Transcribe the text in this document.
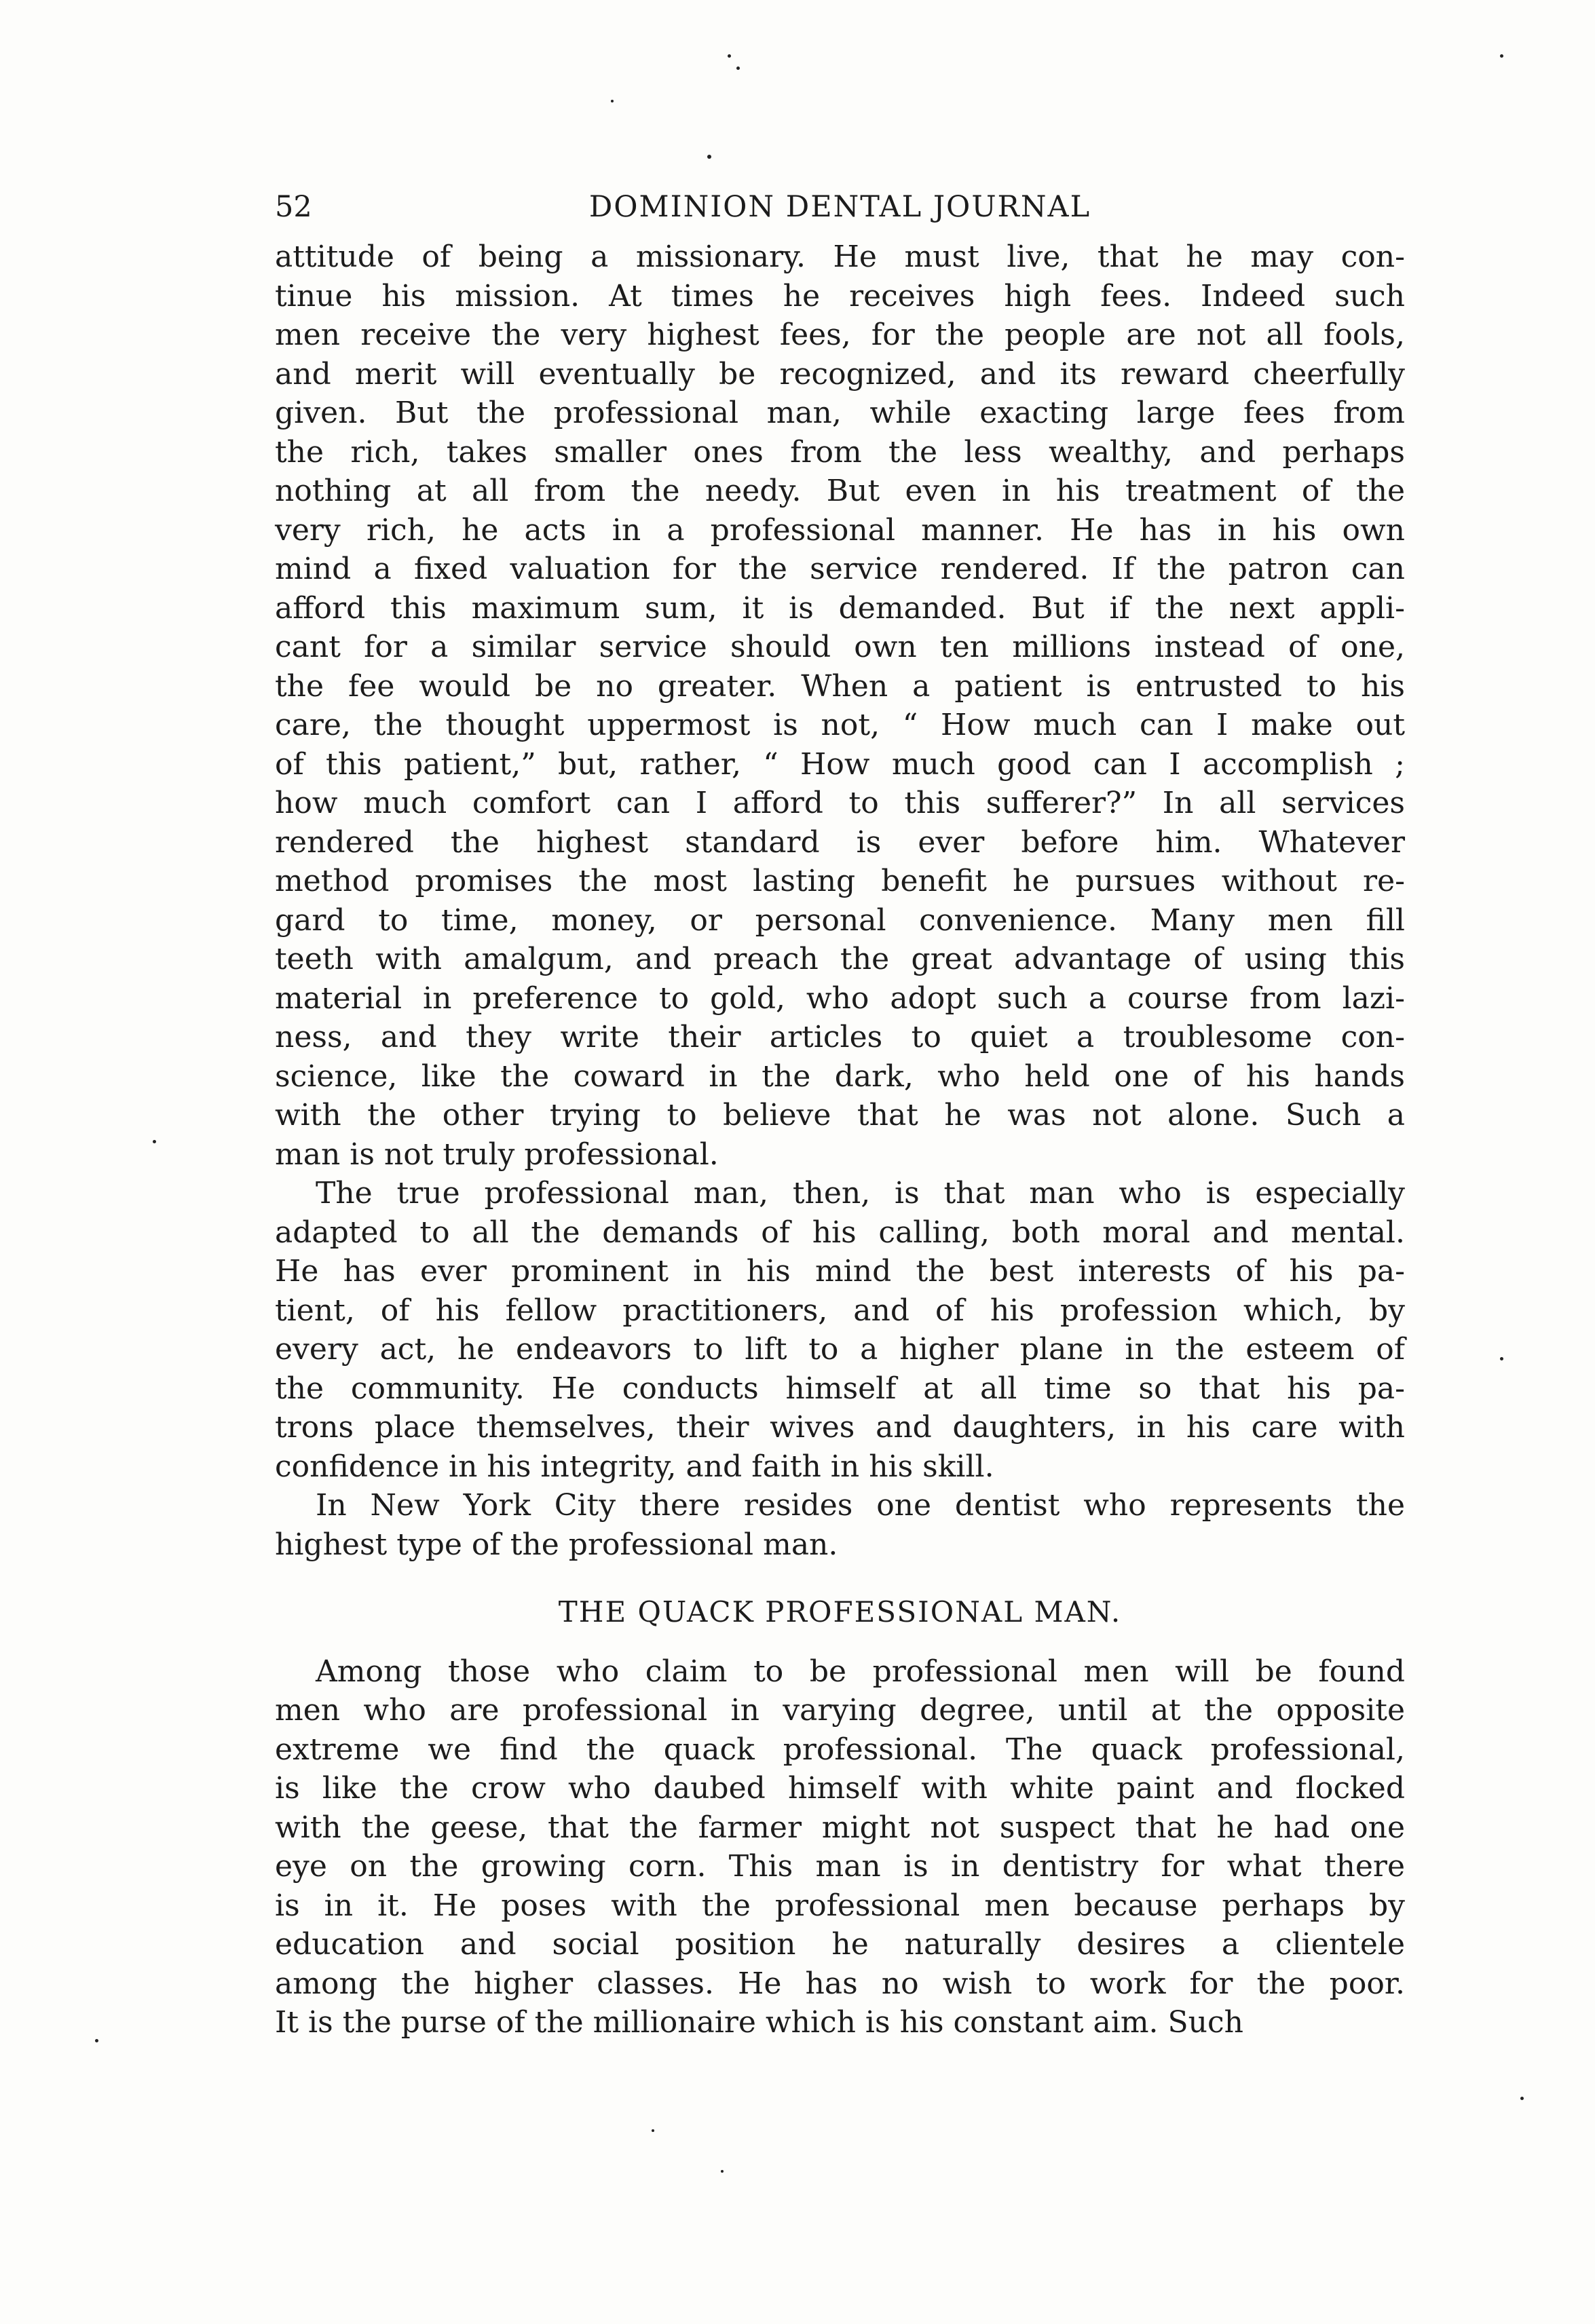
52	DOMINION DENTAL JOURNAL
attitude of being a missionary. He must live, that he may con-
tinue his mission. At times he receives high fees. Indeed such
men receive the very highest fees, for the people are not all fools,
and merit will eventually be recognized, and its reward cheerfully
given. But the professional man, while exacting large fees from
the rich, takes smaller ones from the less wealthy, and perhaps
nothing at all from the needy. But even in his treatment of the
very rich, he acts in a professional manner. He has in his own
mind a fixed valuation for the service rendered. If the patron can
afford this maximum sum, it is demanded. But if the next appli-
cant for a similar service should own ten millions instead of one,
the fee would be no greater. When a patient is entrusted to his
care, the thought uppermost is not, “ How much can I make out
of this patient,” but, rather, “ How much good can I accomplish ;
how much comfort can I afford to this sufferer?” In all services
rendered the highest standard is ever before him. Whatever
method promises the most lasting benefit he pursues without re-
gard to time, money, or personal convenience. Many men fill
teeth with amalgum, and preach the great advantage of using this
material in preference to gold, who adopt such a course from lazi-
ness, and they write their articles to quiet a troublesome con-
science, like the coward in the dark, who held one of his hands
with the other trying to believe that he was not alone. Such a
man is not truly professional.
The true professional man, then, is that man who is especially
adapted to all the demands of his calling, both moral and mental.
He has ever prominent in his mind the best interests of his pa-
tient, of his fellow practitioners, and of his profession which, by
every act, he endeavors to lift to a higher plane in the esteem of
the community. He conducts himself at all time so that his pa-
trons place themselves, their wives and daughters, in his care with
confidence in his integrity, and faith in his skill.
In New York City there resides one dentist who represents the
highest type of the professional man.
THE QUACK PROFESSIONAL MAN.
Among those who claim to be professional men will be found
men who are professional in varying degree, until at the opposite
extreme we find the quack professional. The quack professional,
is like the crow who daubed himself with white paint and flocked
with the geese, that the farmer might not suspect that he had one
eye on the growing corn. This man is in dentistry for what there
is in it. He poses with the professional men because perhaps by
education and social position he naturally desires a clientele
among the higher classes. He has no wish to work for the poor.
It is the purse of the millionaire which is his constant aim. Such
